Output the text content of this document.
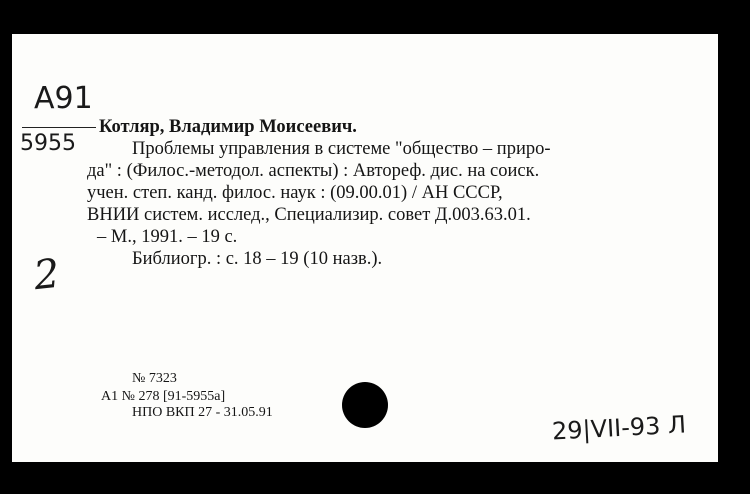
A91
5955
2
Котляр, Владимир Моисеевич.
Проблемы управления в системе "общество – приро-
да" : (Филос.-методол. аспекты) : Автореф. дис. на соиск.
учен. степ. канд. филос. наук : (09.00.01) / АН СССР,
ВНИИ систем. исслед., Специализир. совет Д.003.63.01.
– М., 1991. – 19 с.
Библиогр. : с. 18 – 19 (10 назв.).
№ 7323
А1 № 278 [91-5955а]
НПО ВКП 27 - 31.05.91	29|VII-93 Л
